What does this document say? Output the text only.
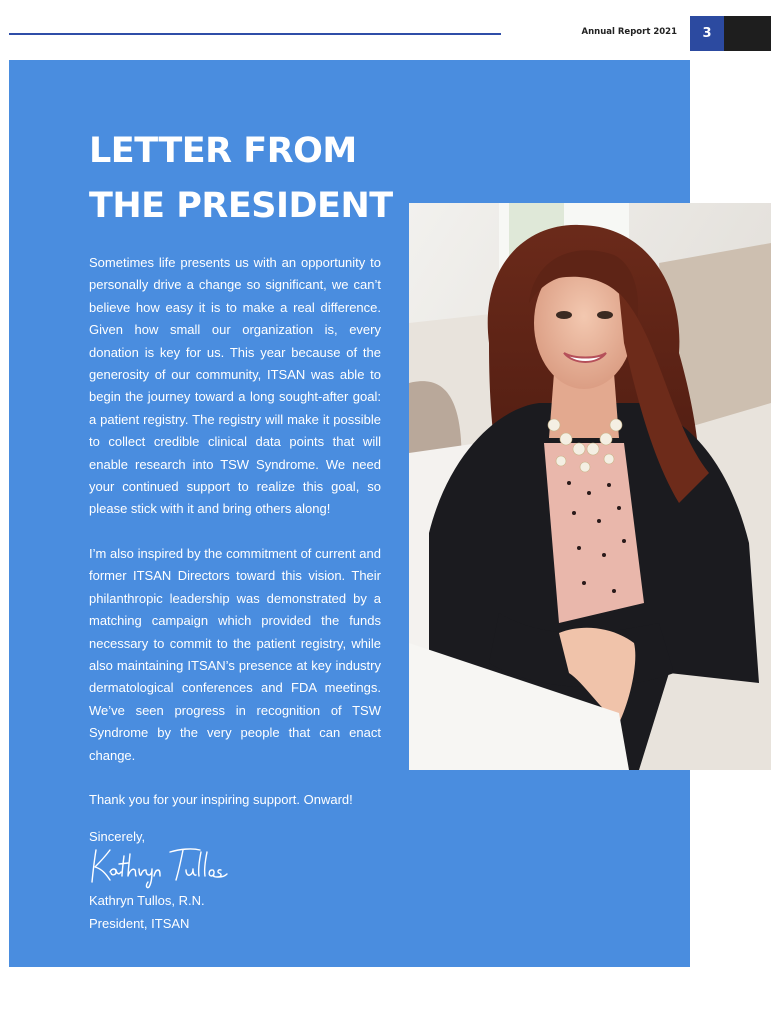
Annual Report 2021	3
LETTER FROM THE PRESIDENT

Sometimes life presents us with an opportunity to personally drive a change so significant, we can’t believe how easy it is to make a real difference. Given how small our organization is, every donation is key for us. This year because of the generosity of our community, ITSAN was able to begin the journey toward a long sought-after goal: a patient registry. The registry will make it possible to collect credible clinical data points that will enable research into TSW Syndrome. We need your continued support to realize this goal, so please stick with it and bring others along!

I’m also inspired by the commitment of current and former ITSAN Directors toward this vision. Their philanthropic leadership was demonstrated by a matching campaign which provided the funds necessary to commit to the patient registry, while also maintaining ITSAN’s presence at key industry dermatological conferences and FDA meetings. We’ve seen progress in recognition of TSW Syndrome by the very people that can enact change.

Thank you for your inspiring support. Onward!

Sincerely,
Kathryn Tullos, R.N.
President, ITSAN
